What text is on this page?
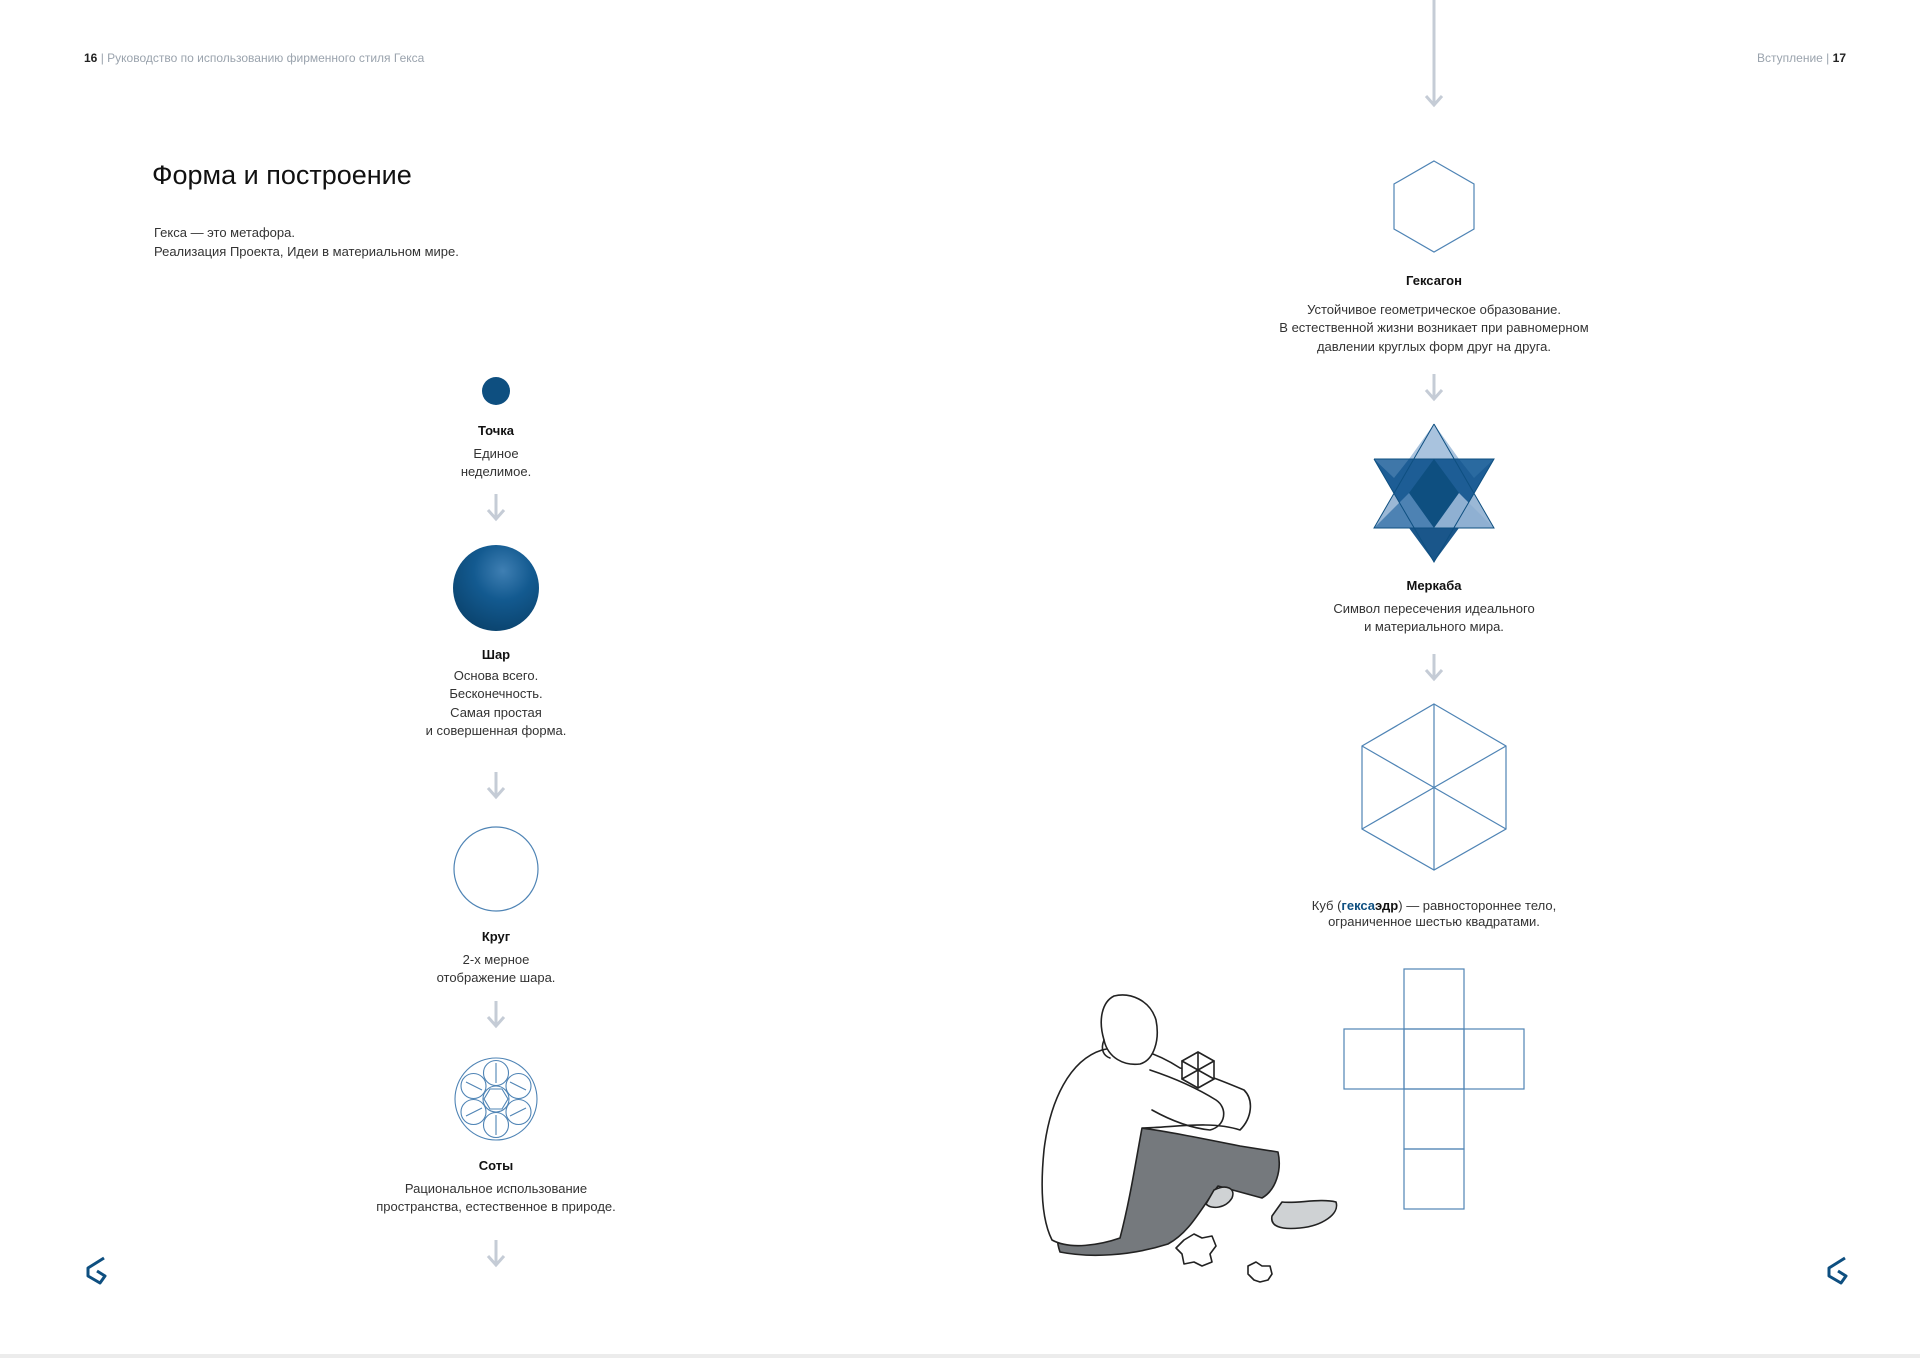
16 | Руководство по использованию фирменного стиля Гекса	Вступление | 17
Форма и построение
Гекса — это метафора.
Реализация Проекта, Идеи в материальном мире.
Точка
Единое
неделимое.
Шар
Основа всего.
Бесконечность.
Самая простая
и совершенная форма.
Круг
2-х мерное
отображение шара.
Соты
Рациональное использование
пространства, естественное в природе.
Гексагон
Устойчивое геометрическое образование.
В естественной жизни возникает при равномерном
давлении круглых форм друг на друга.
Меркаба
Символ пересечения идеального
и материального мира.
Куб (гексаэдр) — равностороннее тело,
ограниченное шестью квадратами.
